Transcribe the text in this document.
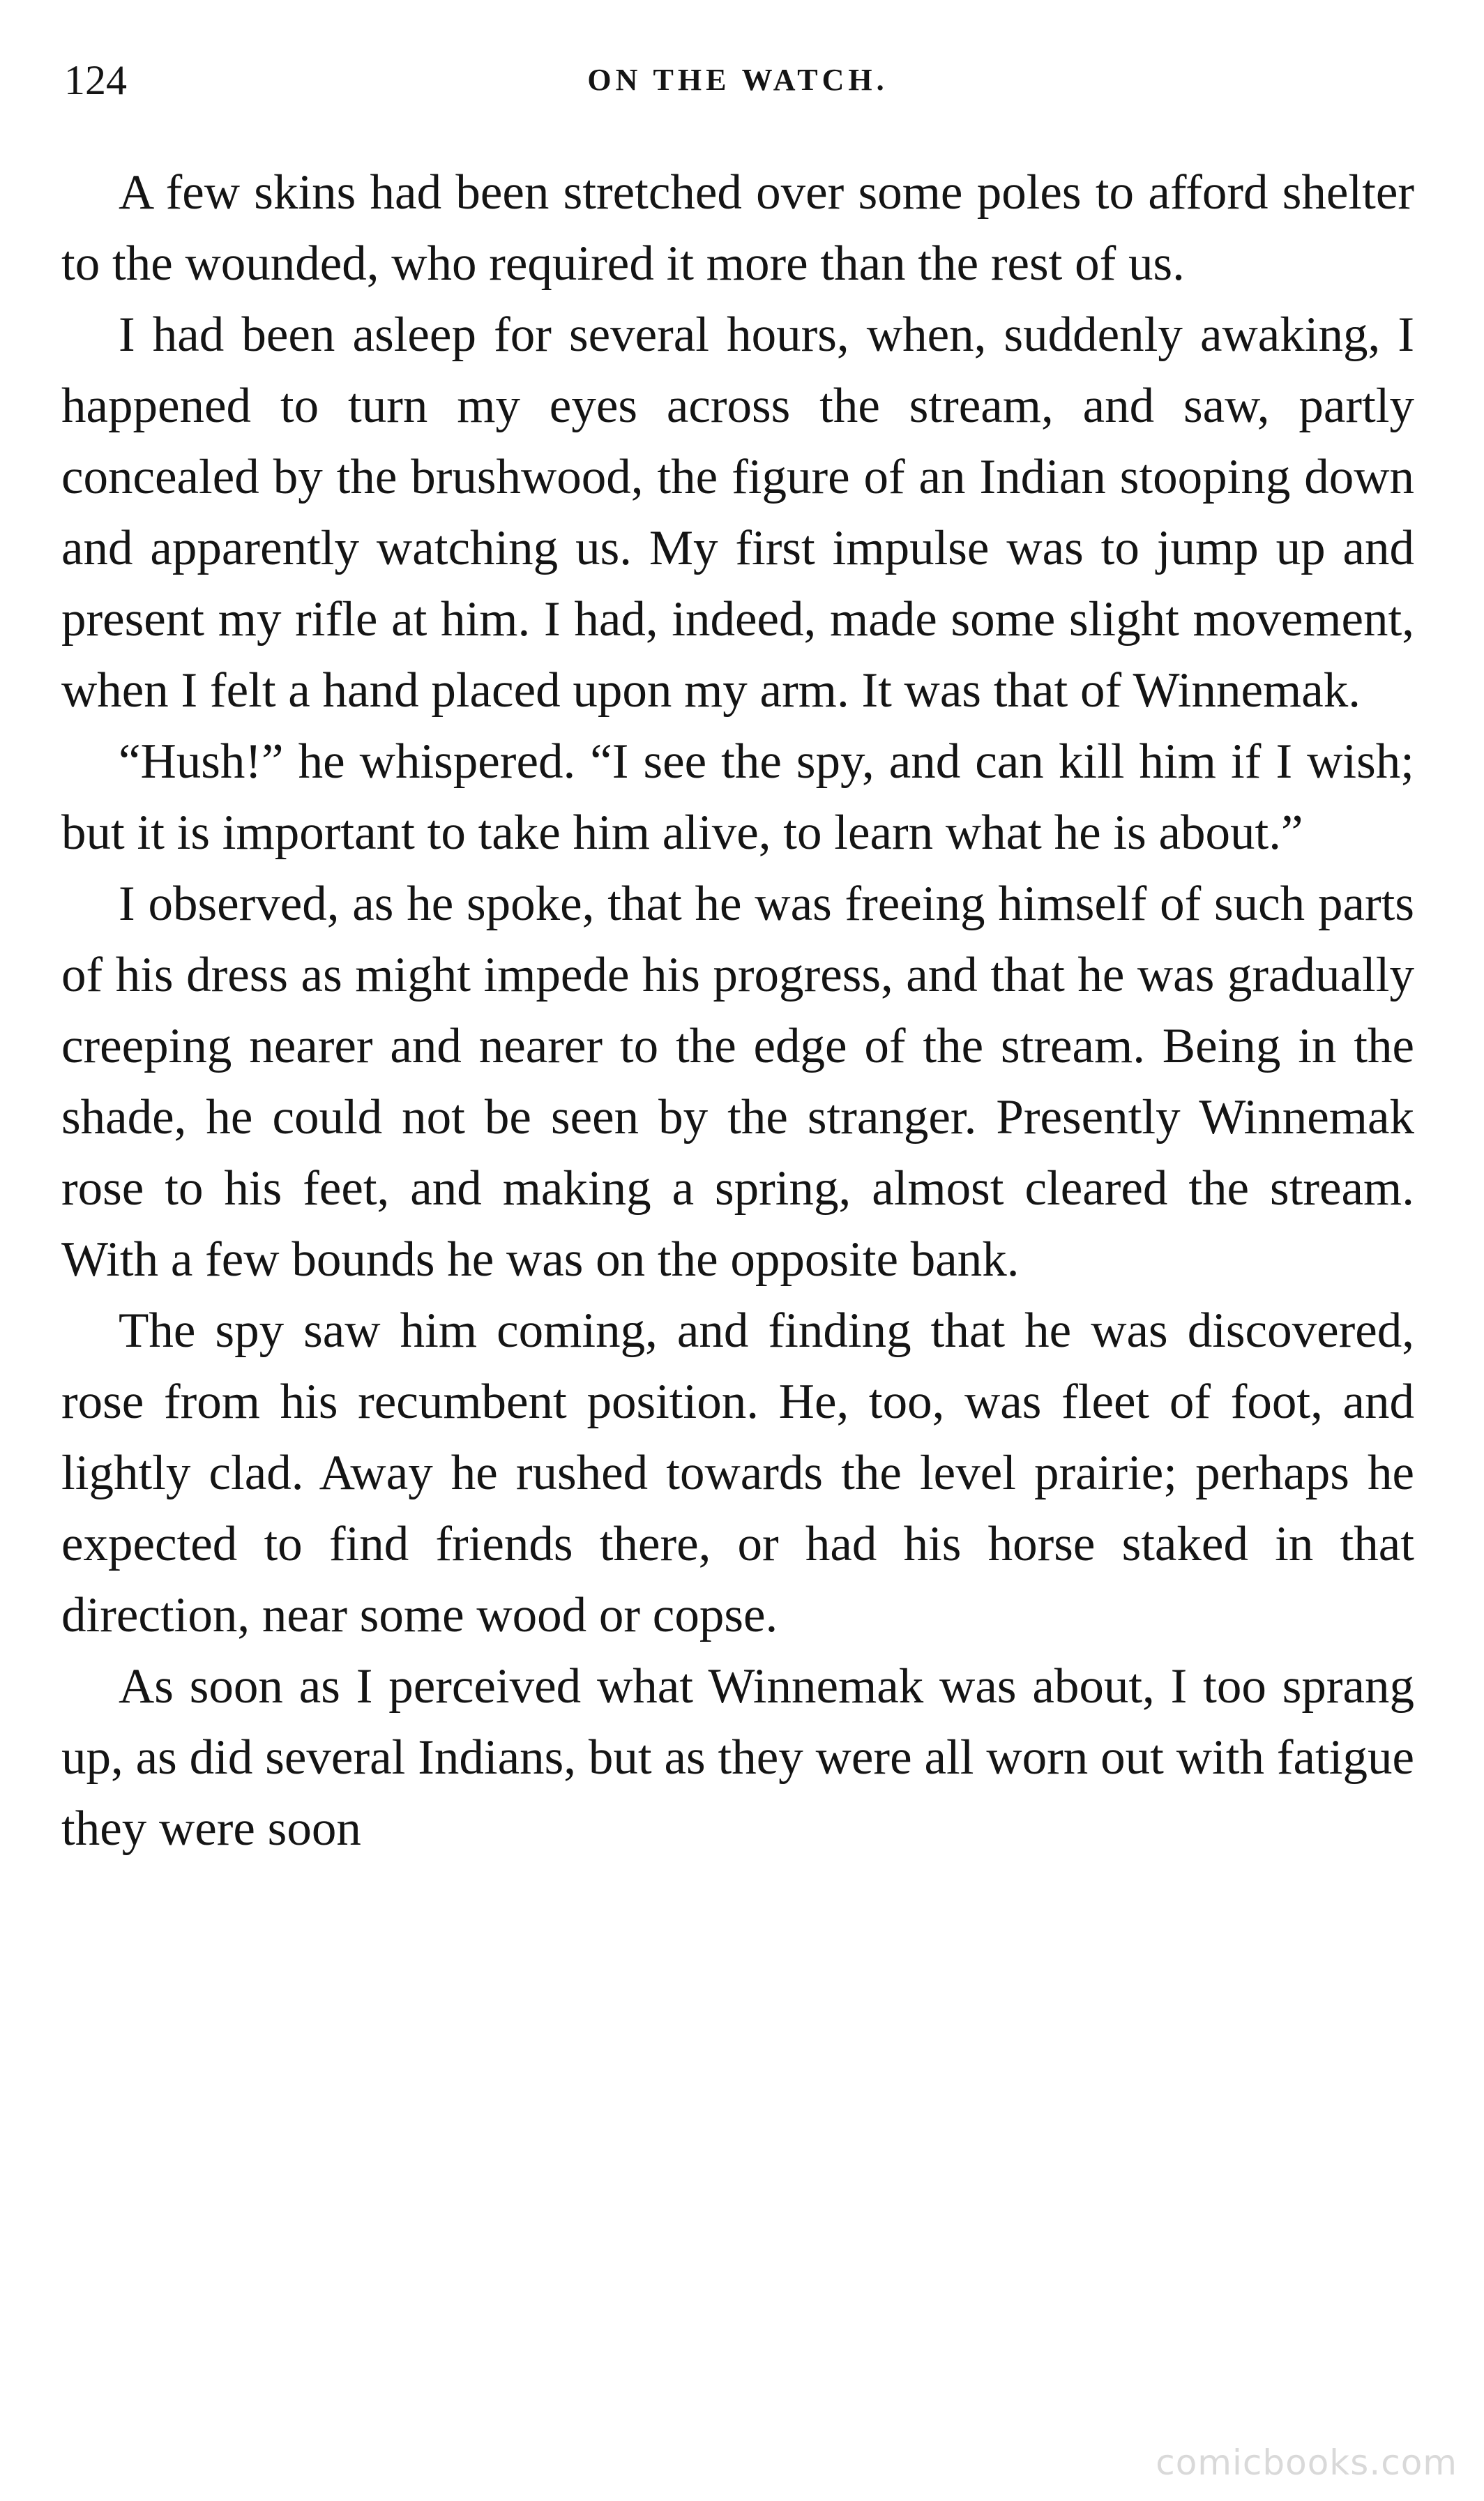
124	ON THE WATCH.

A few skins had been stretched over some poles to afford shelter to the wounded, who required it more than the rest of us.

I had been asleep for several hours, when, suddenly awaking, I happened to turn my eyes across the stream, and saw, partly concealed by the brushwood, the figure of an Indian stooping down and apparently watching us. My first impulse was to jump up and present my rifle at him. I had, indeed, made some slight movement, when I felt a hand placed upon my arm. It was that of Winnemak.

“Hush!” he whispered. “I see the spy, and can kill him if I wish; but it is important to take him alive, to learn what he is about.”

I observed, as he spoke, that he was freeing himself of such parts of his dress as might impede his progress, and that he was gradually creeping nearer and nearer to the edge of the stream. Being in the shade, he could not be seen by the stranger. Presently Winnemak rose to his feet, and making a spring, almost cleared the stream. With a few bounds he was on the opposite bank.

The spy saw him coming, and finding that he was discovered, rose from his recumbent position. He, too, was fleet of foot, and lightly clad. Away he rushed towards the level prairie; perhaps he expected to find friends there, or had his horse staked in that direction, near some wood or copse.

As soon as I perceived what Winnemak was about, I too sprang up, as did several Indians, but as they were all worn out with fatigue they were soon

comicbooks.com
